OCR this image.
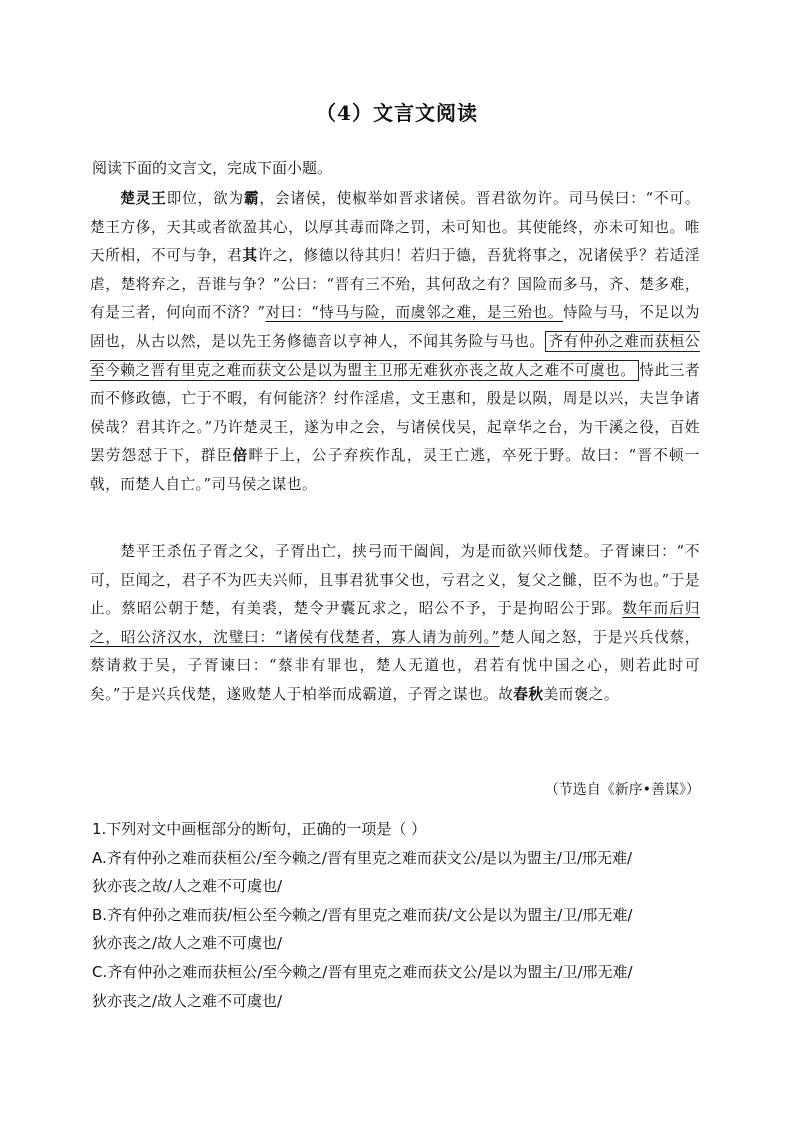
（4）文言文阅读
阅读下面的文言文，完成下面小题。
楚灵王即位，欲为霸，会诸侯，使椒举如晋求诸侯。晋君欲勿许。司马侯曰：“不可。楚王方侈，天其或者欲盈其心，以厚其毒而降之罚，未可知也。其使能终，亦未可知也。唯天所相，不可与争，君其许之，修德以待其归！若归于德，吾犹将事之，况诸侯乎？若适淫虐，楚将弃之，吾谁与争？”公曰：“晋有三不殆，其何敌之有？国险而多马，齐、楚多难，有是三者，何向而不济？”对曰：“恃马与险，而虞邻之难，是三殆也。恃险与马，不足以为固也，从古以然，是以先王务修德音以亨神人，不闻其务险与马也。 齐有仲孙之难而获桓公至今赖之晋有里克之难而获文公是以为盟主卫邢无难狄亦丧之故人之难不可虞也。 恃此三者而不修政德，亡于不暇，有何能济？纣作淫虐，文王惠和，殷是以陨，周是以兴，夫岂争诸侯哉？君其许之。”乃许楚灵王，遂为申之会，与诸侯伐吴，起章华之台，为干溪之役，百姓罢劳怨怼于下，群臣倍畔于上，公子弃疾作乱，灵王亡逃，卒死于野。故曰：“晋不顿一戟，而楚人自亡。”司马侯之谋也。
楚平王杀伍子胥之父，子胥出亡，挟弓而干阖闾，为是而欲兴师伐楚。子胥谏曰：“不可，臣闻之，君子不为匹夫兴师，且事君犹事父也，亏君之义，复父之雠，臣不为也。”于是止。蔡昭公朝于楚，有美裘，楚令尹囊瓦求之，昭公不予，于是拘昭公于郢。数年而后归之，昭公济汉水，沈璧曰：“诸侯有伐楚者，寡人请为前列。”楚人闻之怒，于是兴兵伐蔡，蔡请救于吴，子胥谏曰：“蔡非有罪也，楚人无道也，君若有忧中国之心，则若此时可矣。”于是兴兵伐楚，遂败楚人于柏举而成霸道，子胥之谋也。故春秋美而褒之。
（节选自《新序•善谋》）
1.下列对文中画框部分的断句，正确的一项是（ ）
A.齐有仲孙之难而获桓公/至今赖之/晋有里克之难而获文公/是以为盟主/卫/邢无难/
狄亦丧之故/人之难不可虞也/
B.齐有仲孙之难而获/桓公至今赖之/晋有里克之难而获/文公是以为盟主/卫/邢无难/
狄亦丧之/故人之难不可虞也/
C.齐有仲孙之难而获桓公/至今赖之/晋有里克之难而获文公/是以为盟主/卫/邢无难/
狄亦丧之/故人之难不可虞也/
